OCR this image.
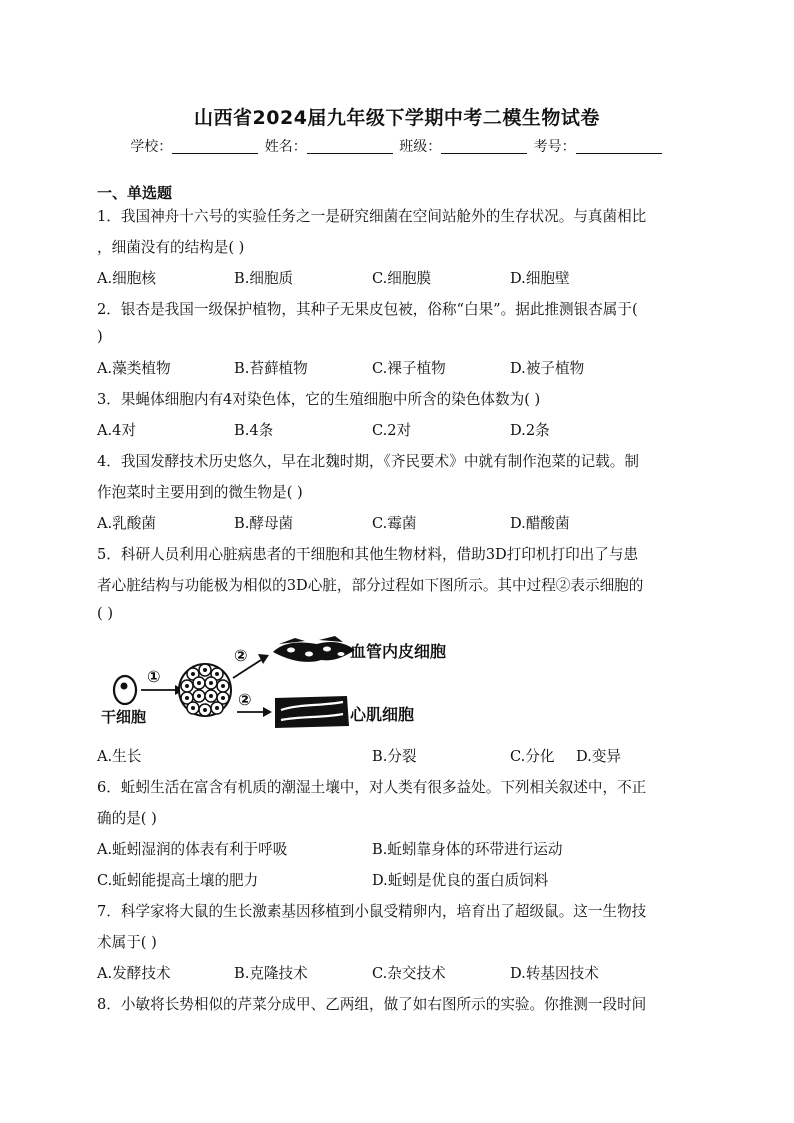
山西省2024届九年级下学期中考二模生物试卷
学校：	姓名：	班级：	考号：
一、单选题
1．我国神舟十六号的实验任务之一是研究细菌在空间站舱外的生存状况。与真菌相比
，细菌没有的结构是( )
A.细胞核	B.细胞质	C.细胞膜	D.细胞壁
2．银杏是我国一级保护植物，其种子无果皮包被，俗称“白果”。据此推测银杏属于(
)
A.藻类植物	B.苔藓植物	C.裸子植物	D.被子植物
3．果蝇体细胞内有4对染色体，它的生殖细胞中所含的染色体数为( )
A.4对	B.4条	C.2对	D.2条
4．我国发酵技术历史悠久，早在北魏时期，《齐民要术》中就有制作泡菜的记载。制
作泡菜时主要用到的微生物是( )
A.乳酸菌	B.酵母菌	C.霉菌	D.醋酸菌
5．科研人员利用心脏病患者的干细胞和其他生物材料，借助3D打印机打印出了与患
者心脏结构与功能极为相似的3D心脏，部分过程如下图所示。其中过程②表示细胞的
( )
干细胞
①
②	血管内皮细胞
②
心肌细胞
A.生长	B.分裂	C.分化 D.变异
6．蚯蚓生活在富含有机质的潮湿土壤中，对人类有很多益处。下列相关叙述中，不正
确的是( )
A.蚯蚓湿润的体表有利于呼吸	B.蚯蚓靠身体的环带进行运动
C.蚯蚓能提高土壤的肥力	D.蚯蚓是优良的蛋白质饲料
7．科学家将大鼠的生长激素基因移植到小鼠受精卵内，培育出了超级鼠。这一生物技
术属于( )
A.发酵技术	B.克隆技术	C.杂交技术	D.转基因技术
8．小敏将长势相似的芹菜分成甲、乙两组，做了如右图所示的实验。你推测一段时间
